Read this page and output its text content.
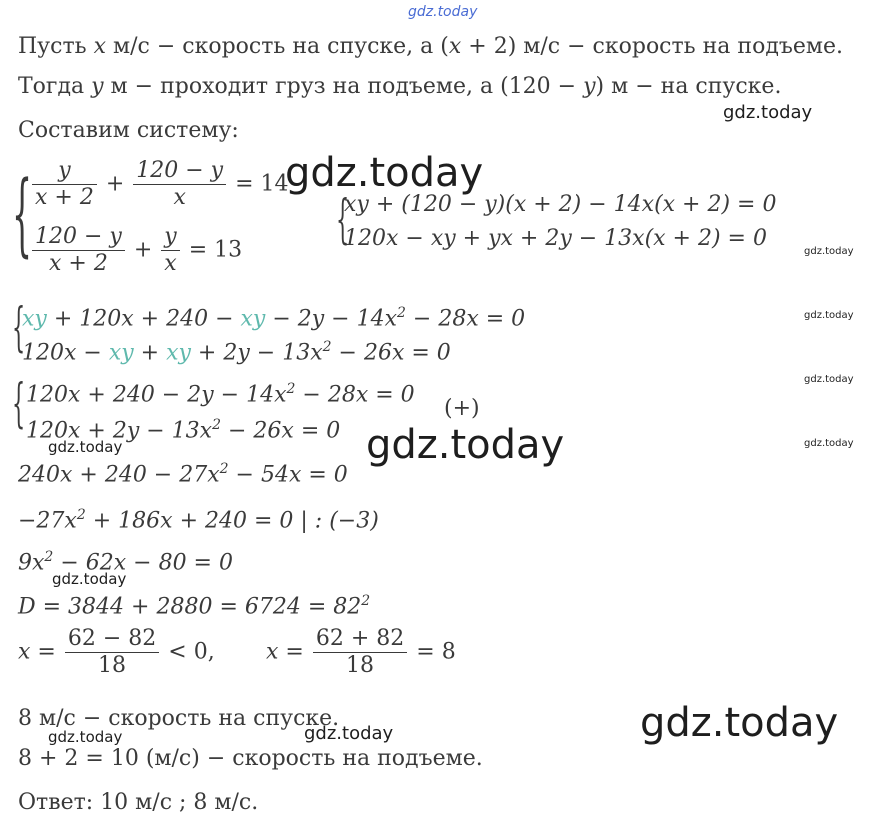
gdz.today
gdz.today
gdz.today
gdz.today
gdz.today
gdz.today
gdz.today
gdz.today	gdz.today
gdz.today
gdz.today
gdz.today
gdz.today
Пусть x м/с − скорость на спуске, а (x + 2) м/с − скорость на подъеме.
Тогда y м − проходит груз на подъеме, а (120 − y) м − на спуске.
Составим систему:
{ $\frac{y}{x + 2} + \frac{120 - y}{x} = 14$
$\frac{120 - y}{x + 2} + \frac{y}{x} = 13$ {
xy + (120 − y)(x + 2) − 14x(x + 2) = 0
120x − xy + yx + 2y − 13x(x + 2) = 0
{
xy + 120x + 240 − xy − $2y - 14x^2 - 28x = 0$
120x − xy + xy + $2y - 13x^2 - 26x = 0$
{ $120x + 240 - 2y - 14x^2 - 28x = 0$
$120x + 2y - 13x^2 - 26x = 0$
(+)
$240x + 240 - 27x^2 - 54x = 0$
$-27x^2 + 186x + 240 = 0$ | : (−3)
$9x^2 - 62x - 80 = 0$
$D = 3844 + 2880 = 6724 = 82^2$
$x = \frac{62 - 82}{18} < 0$, $x = \frac{62 + 82}{18} = 8$
8 м/с − скорость на спуске.
8 + 2 = 10 (м/с) − скорость на подъеме.
Ответ: 10 м/с ; 8 м/с.
